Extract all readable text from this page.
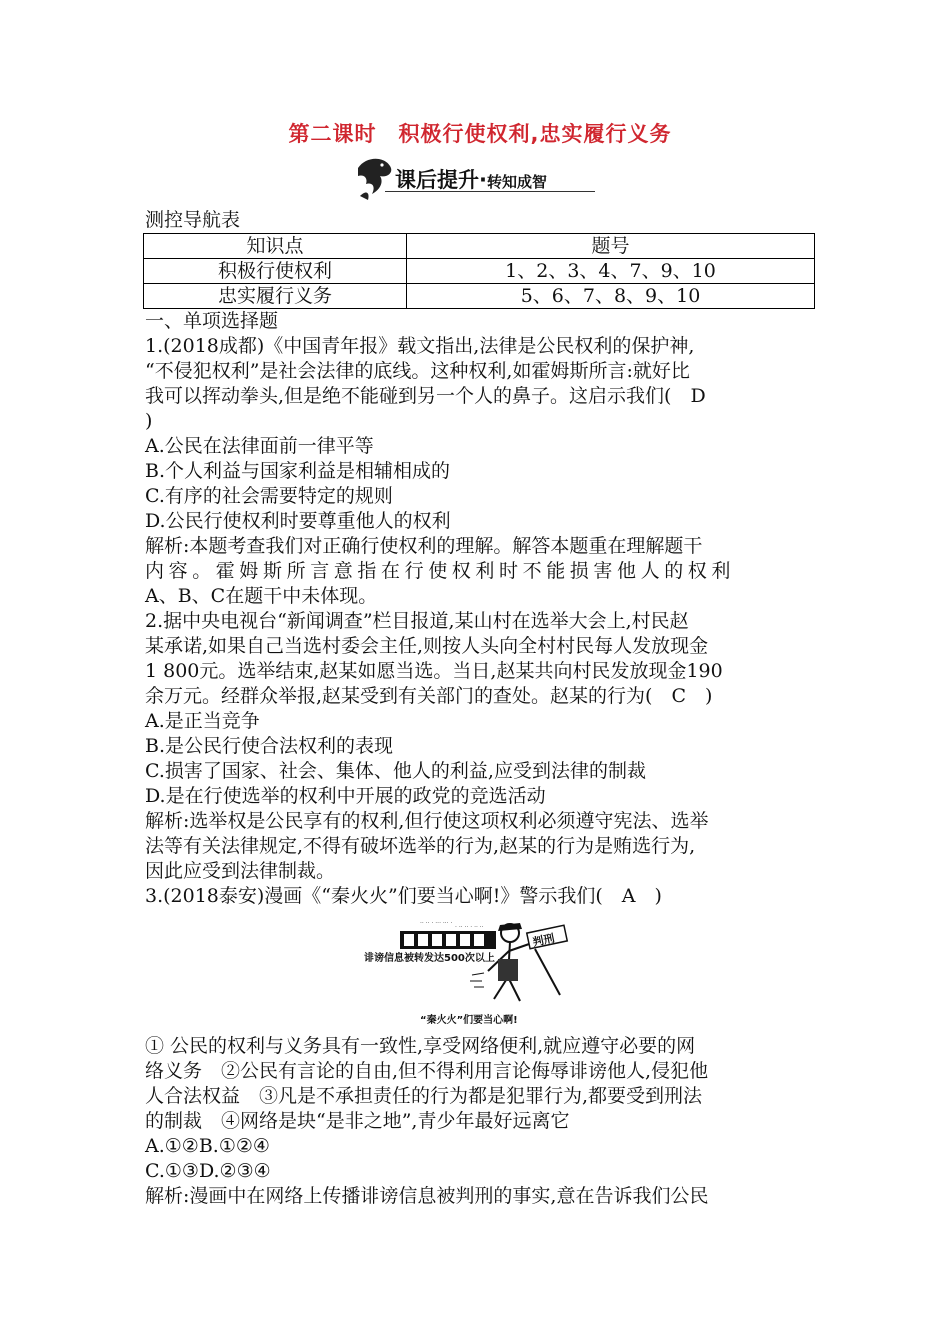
第二课时　积极行使权利,忠实履行义务
课后提升·转知成智
测控导航表
知识点	题号
积极行使权利	1、2、3、4、7、9、10
忠实履行义务	5、6、7、8、9、10
一、单项选择题
1.(2018成都)《中国青年报》载文指出,法律是公民权利的保护神,
“不侵犯权利”是社会法律的底线。这种权利,如霍姆斯所言:就好比
我可以挥动拳头,但是绝不能碰到另一个人的鼻子。这启示我们(　D
)
A.公民在法律面前一律平等
B.个人利益与国家利益是相辅相成的
C.有序的社会需要特定的规则
D.公民行使权利时要尊重他人的权利
解析:本题考查我们对正确行使权利的理解。解答本题重在理解题干
内容。霍姆斯所言意指在行使权利时不能损害他人的权利
A、B、C在题干中未体现。
2.据中央电视台“新闻调查”栏目报道,某山村在选举大会上,村民赵
某承诺,如果自己当选村委会主任,则按人头向全村村民每人发放现金
1 800元。选举结束,赵某如愿当选。当日,赵某共向村民发放现金190
余万元。经群众举报,赵某受到有关部门的查处。赵某的行为(　C　)
A.是正当竞争
B.是公民行使合法权利的表现
C.损害了国家、社会、集体、他人的利益,应受到法律的制裁
D.是在行使选举的权利中开展的政党的竞选活动
解析:选举权是公民享有的权利,但行使这项权利必须遵守宪法、选举
法等有关法律规定,不得有破坏选举的行为,赵某的行为是贿选行为,
因此应受到法律制裁。
3.(2018泰安)漫画《“秦火火”们要当心啊!》警示我们(　A　)
·· ·· · ··· ··· ·
· ·· ·· · ·· ··
诽谤信息被转发达500次以上
判刑
“秦火火”们要当心啊!
① 公民的权利与义务具有一致性,享受网络便利,就应遵守必要的网
络义务　②公民有言论的自由,但不得利用言论侮辱诽谤他人,侵犯他
人合法权益　③凡是不承担责任的行为都是犯罪行为,都要受到刑法
的制裁　④网络是块“是非之地”,青少年最好远离它
A.①②B.①②④
C.①③D.②③④
解析:漫画中在网络上传播诽谤信息被判刑的事实,意在告诉我们公民
